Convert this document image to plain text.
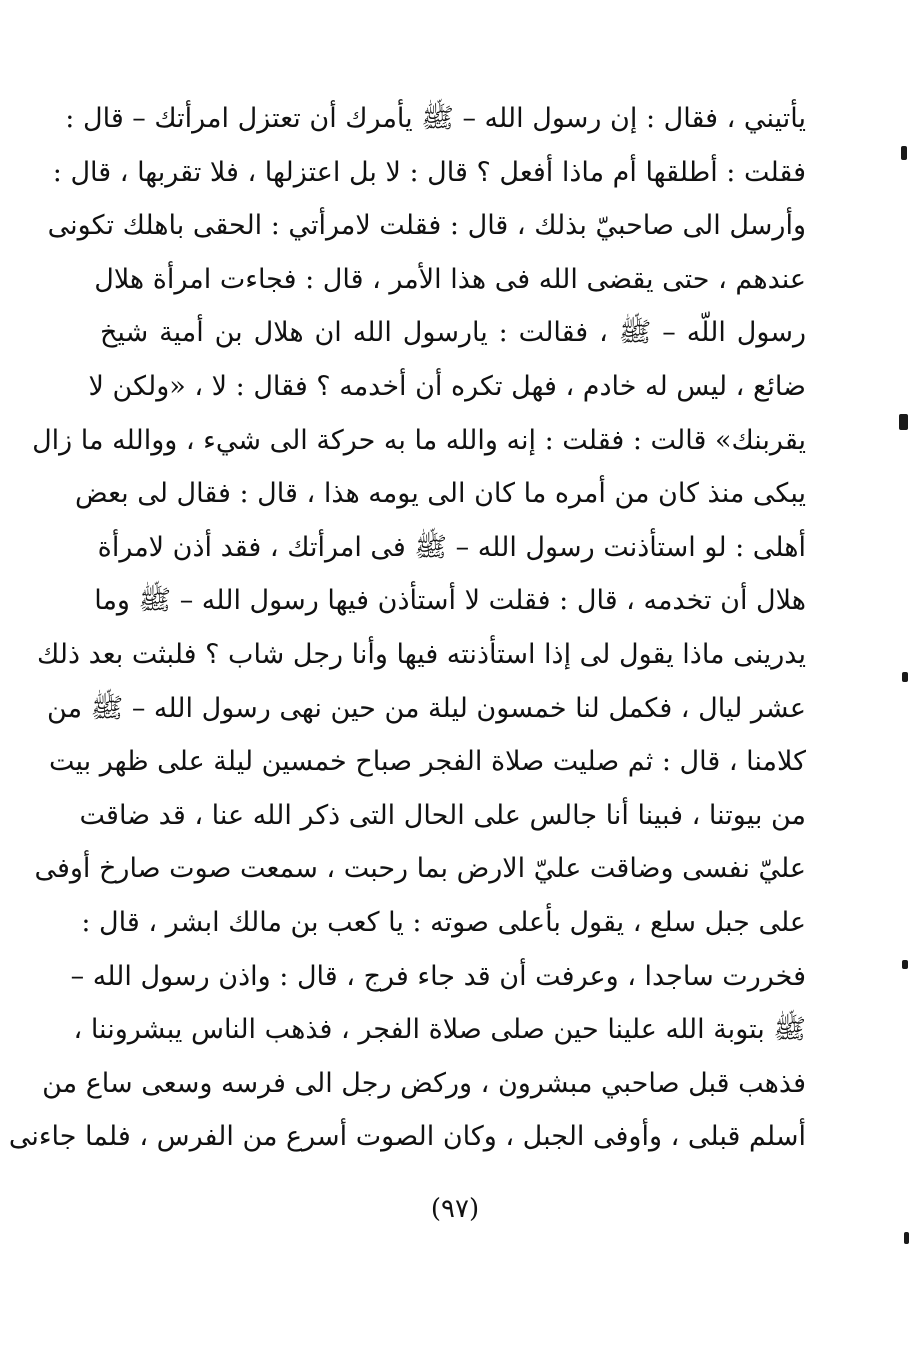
يأتيني ، فقال : إن رسول الله – ﷺ يأمرك أن تعتزل امرأتك – قال :
فقلت : أطلقها أم ماذا أفعل ؟ قال : لا بل اعتزلها ، فلا تقربها ، قال :
وأرسل الى صاحبيّ بذلك ، قال : فقلت لامرأتي : الحقى باهلك تكونى
عندهم ، حتى يقضى الله فى هذا الأمر ، قال : فجاءت امرأة هلال
رسول اللّه – ﷺ ، فقالت : يارسول الله ان هلال بن أمية شيخ
ضائع ، ليس له خادم ، فهل تكره أن أخدمه ؟ فقال : لا ، «ولكن لا
يقربنك» قالت : فقلت : إنه والله ما به حركة الى شيء ، ووالله ما زال
يبكى منذ كان من أمره ما كان الى يومه هذا ، قال : فقال لى بعض
أهلى : لو استأذنت رسول الله – ﷺ فى امرأتك ، فقد أذن لامرأة
هلال أن تخدمه ، قال : فقلت لا أستأذن فيها رسول الله – ﷺ وما
يدرينى ماذا يقول لى إذا استأذنته فيها وأنا رجل شاب ؟ فلبثت بعد ذلك
عشر ليال ، فكمل لنا خمسون ليلة من حين نهى رسول الله – ﷺ من
كلامنا ، قال : ثم صليت صلاة الفجر صباح خمسين ليلة على ظهر بيت
من بيوتنا ، فبينا أنا جالس على الحال التى ذكر الله عنا ، قد ضاقت
عليّ نفسى وضاقت عليّ الارض بما رحبت ، سمعت صوت صارخ أوفى
على جبل سلع ، يقول بأعلى صوته : يا كعب بن مالك ابشر ، قال :
فخررت ساجدا ، وعرفت أن قد جاء فرج ، قال : واذن رسول الله –
ﷺ بتوبة الله علينا حين صلى صلاة الفجر ، فذهب الناس يبشروننا ،
فذهب قبل صاحبي مبشرون ، وركض رجل الى فرسه وسعى ساع من
أسلم قبلى ، وأوفى الجبل ، وكان الصوت أسرع من الفرس ، فلما جاءنى
(٩٧)
